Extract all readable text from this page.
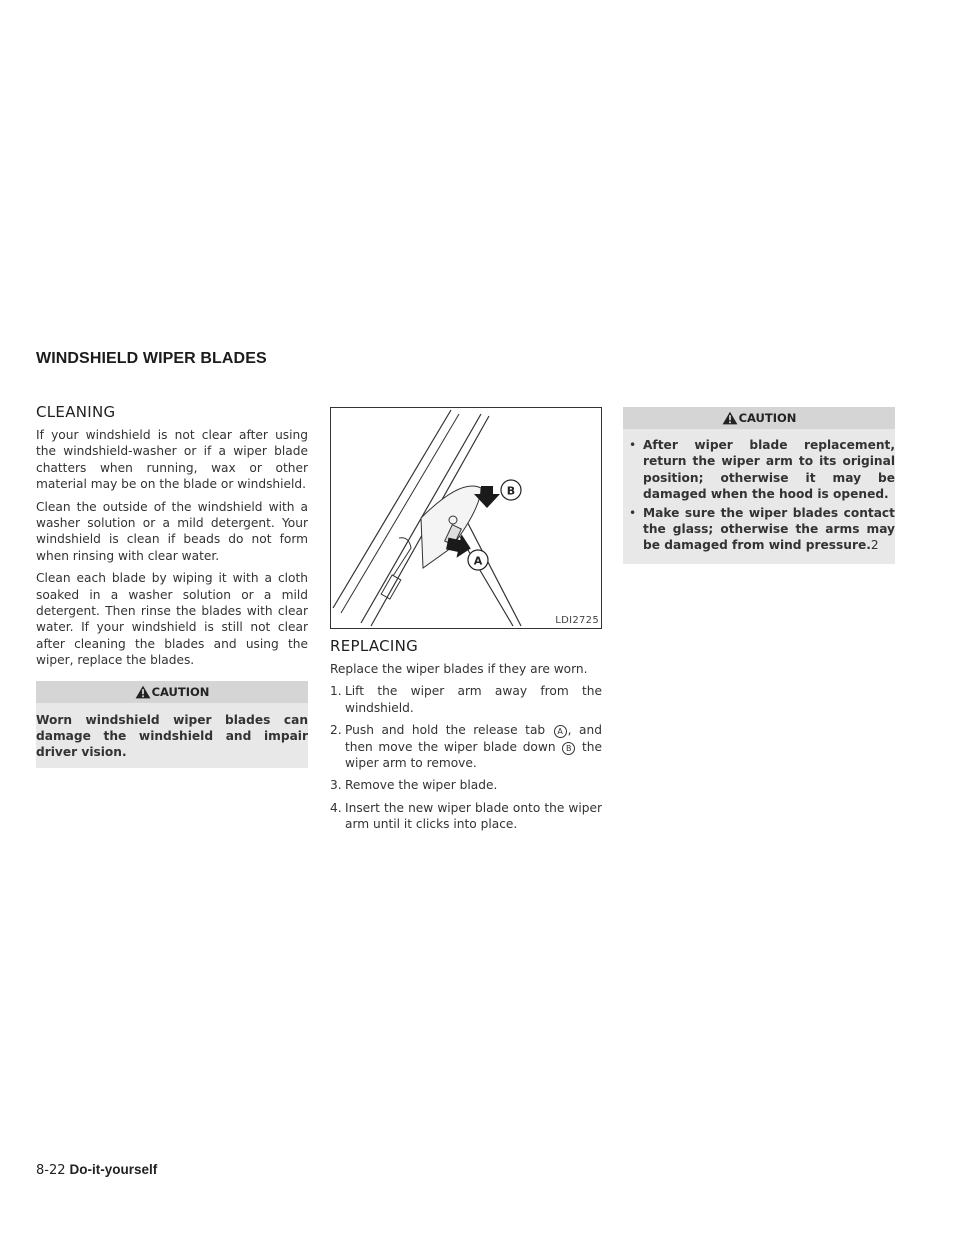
WINDSHIELD WIPER BLADES
CLEANING

If your windshield is not clear after using the windshield-washer or if a wiper blade chatters when running, wax or other material may be on the blade or windshield.

Clean the outside of the windshield with a washer solution or a mild detergent. Your windshield is clean if beads do not form when rinsing with clear water.

Clean each blade by wiping it with a cloth soaked in a washer solution or a mild detergent. Then rinse the blades with clear water. If your windshield is still not clear after cleaning the blades and using the wiper, replace the blades.

CAUTION
Worn windshield wiper blades can damage the windshield and impair driver vision.
B
A
LDI2725
REPLACING

Replace the wiper blades if they are worn.

1. Lift the wiper arm away from the windshield.
2. Push and hold the release tab A , and then move the wiper blade down B the wiper arm to remove.
3. Remove the wiper blade.
4. Insert the new wiper blade onto the wiper arm until it clicks into place.
CAUTION
• After wiper blade replacement, return the wiper arm to its original position; otherwise it may be damaged when the hood is opened.
• Make sure the wiper blades contact the glass; otherwise the arms may be damaged from wind pressure.2
8-22 Do-it-yourself
